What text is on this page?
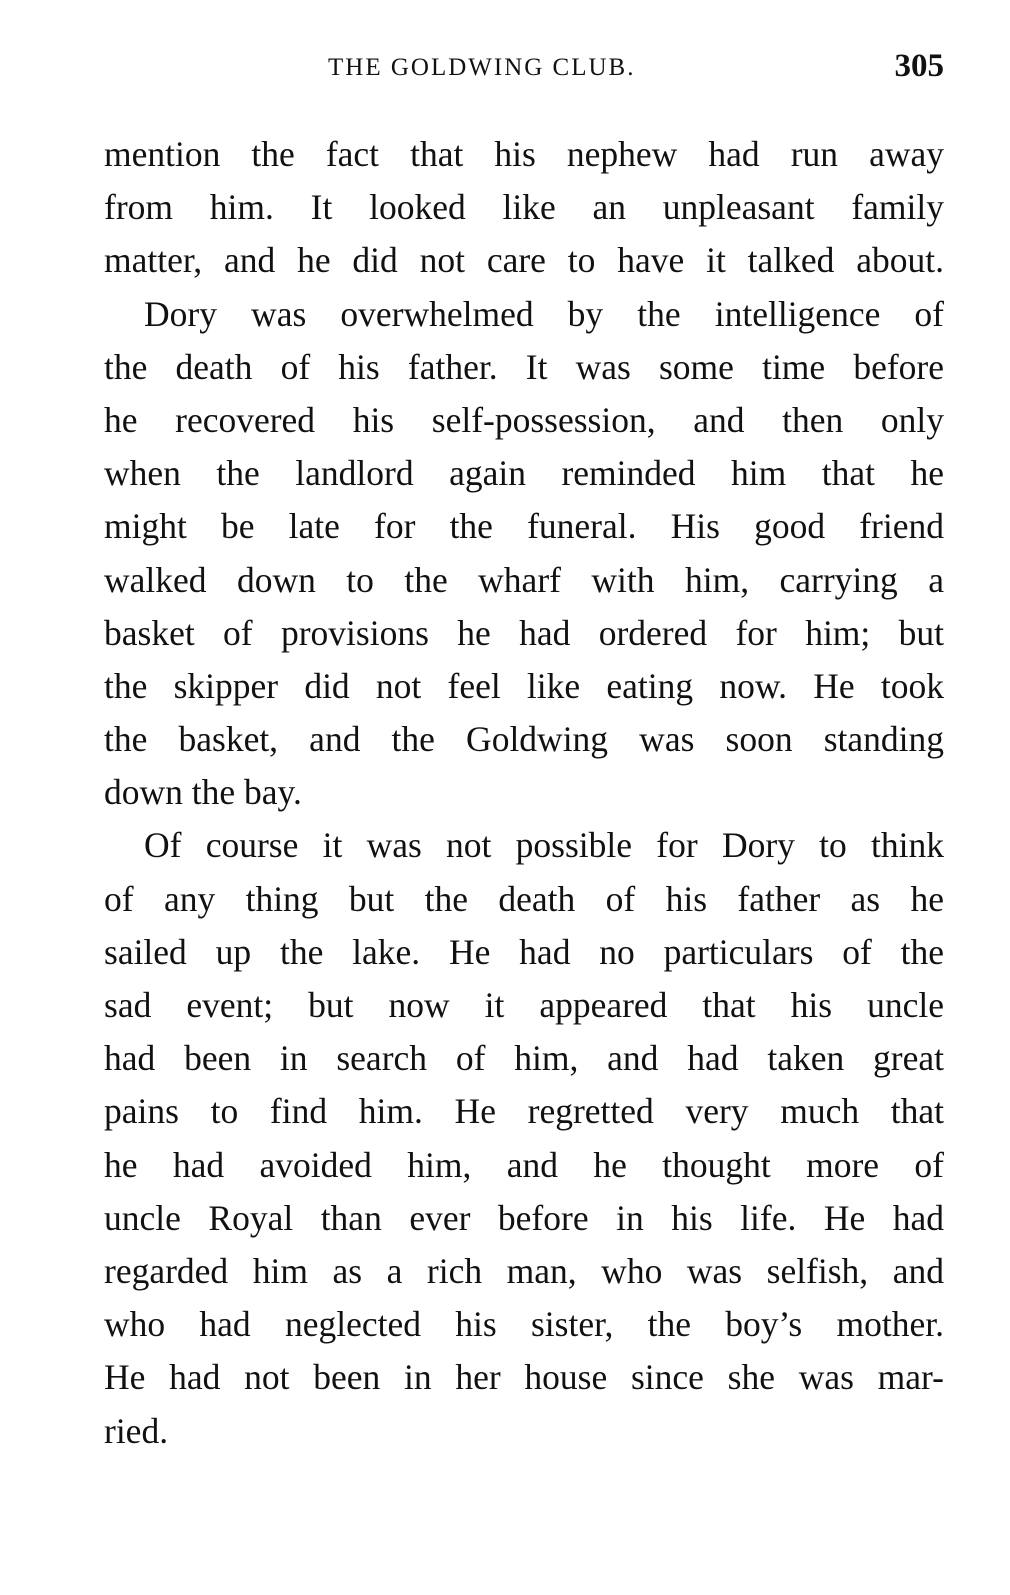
THE GOLDWING CLUB.	305
mention the fact that his nephew had run away
from him. It looked like an unpleasant family
matter, and he did not care to have it talked about.
Dory was overwhelmed by the intelligence of
the death of his father. It was some time before
he recovered his self-possession, and then only
when the landlord again reminded him that he
might be late for the funeral. His good friend
walked down to the wharf with him, carrying a
basket of provisions he had ordered for him; but
the skipper did not feel like eating now. He took
the basket, and the Goldwing was soon standing
down the bay.
Of course it was not possible for Dory to think
of any thing but the death of his father as he
sailed up the lake. He had no particulars of the
sad event; but now it appeared that his uncle
had been in search of him, and had taken great
pains to find him. He regretted very much that
he had avoided him, and he thought more of
uncle Royal than ever before in his life. He had
regarded him as a rich man, who was selfish, and
who had neglected his sister, the boy’s mother.
He had not been in her house since she was mar-
ried.
